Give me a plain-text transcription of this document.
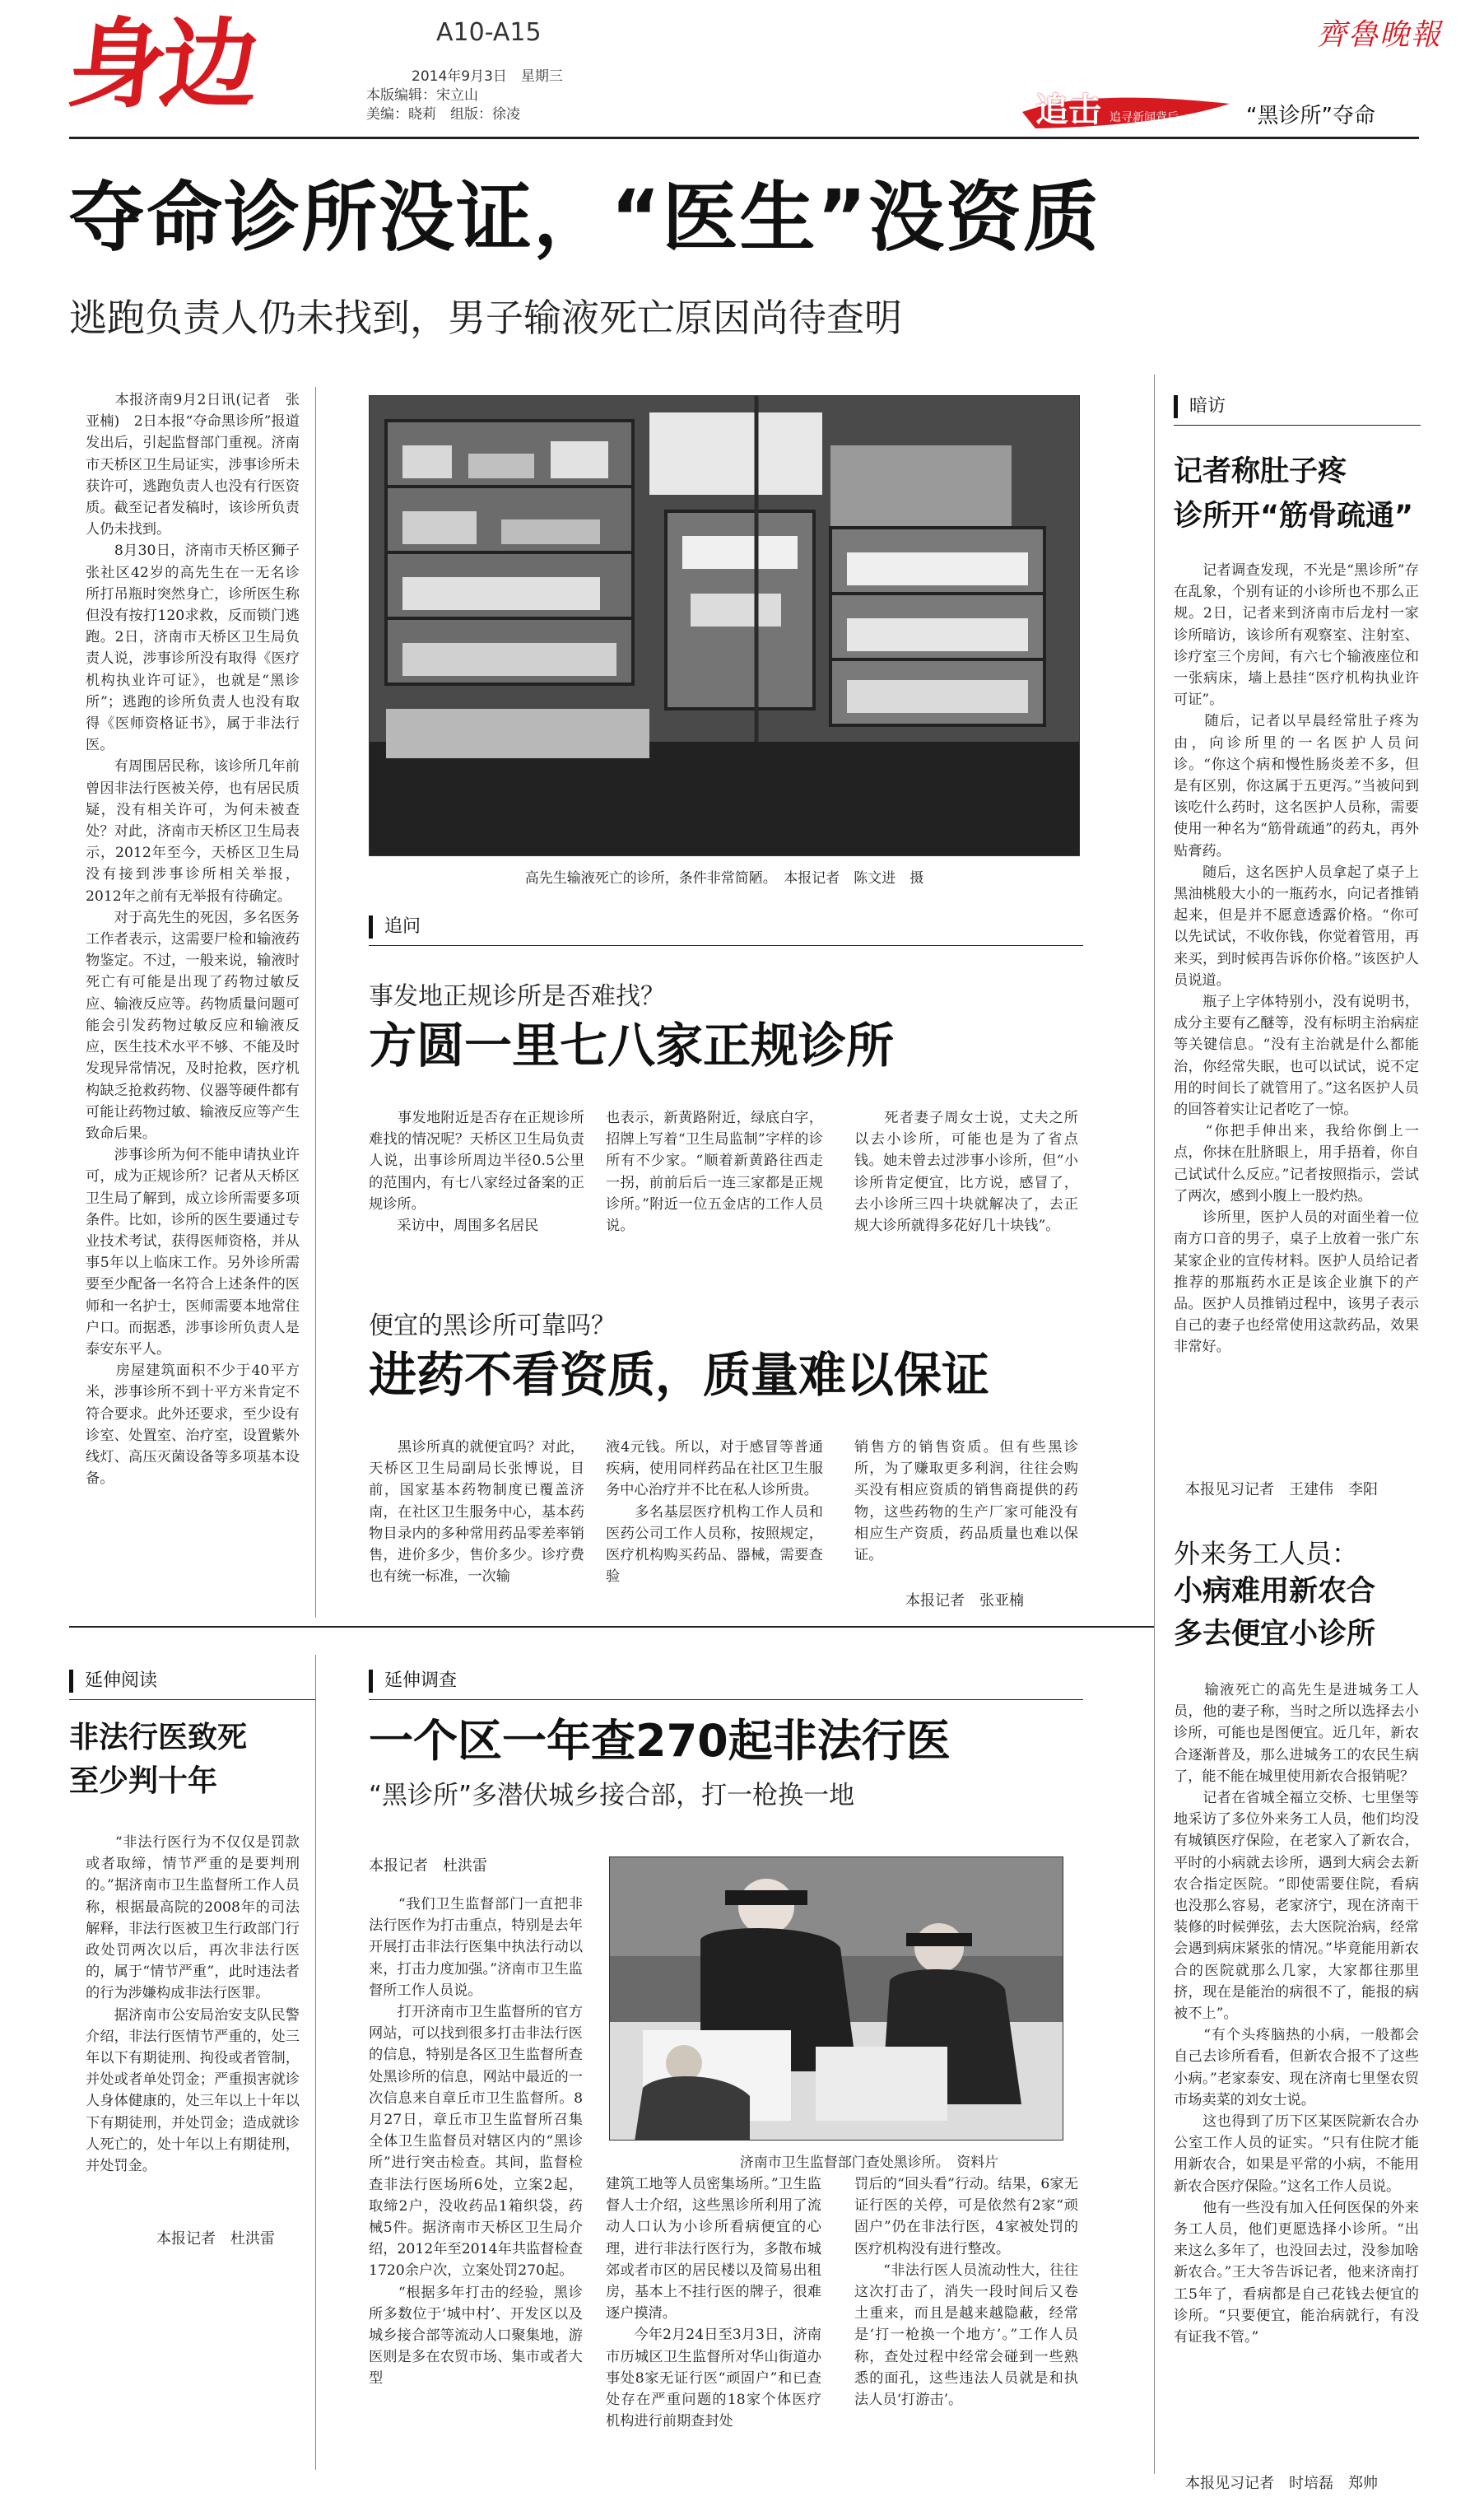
身边	A10-A15
2014年9月3日　星期三
本版编辑：宋立山
美编：晓莉　组版：徐凌
齊魯晚報
追击 追寻新闻背后	“黑诊所”夺命
夺命诊所没证，“医生”没资质
逃跑负责人仍未找到，男子输液死亡原因尚待查明
　　本报济南9月2日讯(记者　张亚楠)　2日本报“夺命黑诊所”报道发出后，引起监督部门重视。济南市天桥区卫生局证实，涉事诊所未获许可，逃跑负责人也没有行医资质。截至记者发稿时，该诊所负责人仍未找到。
　　8月30日，济南市天桥区狮子张社区42岁的高先生在一无名诊所打吊瓶时突然身亡，诊所医生称但没有按打120求救，反而锁门逃跑。2日，济南市天桥区卫生局负责人说，涉事诊所没有取得《医疗机构执业许可证》，也就是“黑诊所”；逃跑的诊所负责人也没有取得《医师资格证书》，属于非法行医。
　　有周围居民称，该诊所几年前曾因非法行医被关停，也有居民质疑，没有相关许可，为何未被查处？对此，济南市天桥区卫生局表示，2012年至今，天桥区卫生局没有接到涉事诊所相关举报，2012年之前有无举报有待确定。
　　对于高先生的死因，多名医务工作者表示，这需要尸检和输液药物鉴定。不过，一般来说，输液时死亡有可能是出现了药物过敏反应、输液反应等。药物质量问题可能会引发药物过敏反应和输液反应，医生技术水平不够、不能及时发现异常情况，及时抢救，医疗机构缺乏抢救药物、仪器等硬件都有可能让药物过敏、输液反应等产生致命后果。
　　涉事诊所为何不能申请执业许可，成为正规诊所？记者从天桥区卫生局了解到，成立诊所需要多项条件。比如，诊所的医生要通过专业技术考试，获得医师资格，并从事5年以上临床工作。另外诊所需要至少配备一名符合上述条件的医师和一名护士，医师需要本地常住户口。而据悉，涉事诊所负责人是泰安东平人。
　　房屋建筑面积不少于40平方米，涉事诊所不到十平方米肯定不符合要求。此外还要求，至少设有诊室、处置室、治疗室，设置紫外线灯、高压灭菌设备等多项基本设备。
高先生输液死亡的诊所，条件非常简陋。　本报记者　陈文进　摄
追问
事发地正规诊所是否难找？
方圆一里七八家正规诊所
　　事发地附近是否存在正规诊所难找的情况呢？天桥区卫生局负责人说，出事诊所周边半径0.5公里的范围内，有七八家经过备案的正规诊所。
　　采访中，周围多名居民
也表示，新黄路附近，绿底白字，招牌上写着“卫生局监制”字样的诊所有不少家。“顺着新黄路往西走一拐，前前后后一连三家都是正规诊所。”附近一位五金店的工作人员说。
　　死者妻子周女士说，丈夫之所以去小诊所，可能也是为了省点钱。她未曾去过涉事小诊所，但“小诊所肯定便宜，比方说，感冒了，去小诊所三四十块就解决了，去正规大诊所就得多花好几十块钱”。
便宜的黑诊所可靠吗？
进药不看资质，质量难以保证
　　黑诊所真的就便宜吗？对此，天桥区卫生局副局长张博说，目前，国家基本药物制度已覆盖济南，在社区卫生服务中心，基本药物目录内的多种常用药品零差率销售，进价多少，售价多少。诊疗费也有统一标准，一次输
液4元钱。所以，对于感冒等普通疾病，使用同样药品在社区卫生服务中心治疗并不比在私人诊所贵。
　　多名基层医疗机构工作人员和医药公司工作人员称，按照规定，医疗机构购买药品、器械，需要查验
销售方的销售资质。但有些黑诊所，为了赚取更多利润，往往会购买没有相应资质的销售商提供的药物，这些药物的生产厂家可能没有相应生产资质，药品质量也难以保证。
本报记者　张亚楠
暗访
记者称肚子疼
诊所开“筋骨疏通”
　　记者调查发现，不光是“黑诊所”存在乱象，个别有证的小诊所也不那么正规。2日，记者来到济南市后龙村一家诊所暗访，该诊所有观察室、注射室、诊疗室三个房间，有六七个输液座位和一张病床，墙上悬挂“医疗机构执业许可证”。
　　随后，记者以早晨经常肚子疼为由，向诊所里的一名医护人员问诊。“你这个病和慢性肠炎差不多，但是有区别，你这属于五更泻。”当被问到该吃什么药时，这名医护人员称，需要使用一种名为“筋骨疏通”的药丸，再外贴膏药。
　　随后，这名医护人员拿起了桌子上黑油桃般大小的一瓶药水，向记者推销起来，但是并不愿意透露价格。“你可以先试试，不收你钱，你觉着管用，再来买，到时候再告诉你价格。”该医护人员说道。
　　瓶子上字体特别小，没有说明书，成分主要有乙醚等，没有标明主治病症等关键信息。“没有主治就是什么都能治，你经常失眠，也可以试试，说不定用的时间长了就管用了。”这名医护人员的回答着实让记者吃了一惊。
　　“你把手伸出来，我给你倒上一点，你抹在肚脐眼上，用手捂着，你自己试试什么反应。”记者按照指示，尝试了两次，感到小腹上一股灼热。
　　诊所里，医护人员的对面坐着一位南方口音的男子，桌子上放着一张广东某家企业的宣传材料。医护人员给记者推荐的那瓶药水正是该企业旗下的产品。医护人员推销过程中，该男子表示自己的妻子也经常使用这款药品，效果非常好。
本报见习记者　王建伟　李阳
外来务工人员：
小病难用新农合
多去便宜小诊所
　　输液死亡的高先生是进城务工人员，他的妻子称，当时之所以选择去小诊所，可能也是图便宜。近几年，新农合逐渐普及，那么进城务工的农民生病了，能不能在城里使用新农合报销呢？
　　记者在省城全福立交桥、七里堡等地采访了多位外来务工人员，他们均没有城镇医疗保险，在老家入了新农合，平时的小病就去诊所，遇到大病会去新农合指定医院。“即使需要住院，看病也没那么容易，老家济宁，现在济南干装修的时候弹弦，去大医院治病，经常会遇到病床紧张的情况。”毕竟能用新农合的医院就那么几家，大家都往那里挤，现在是能治的病很不了，能报的病被不上”。
　　“有个头疼脑热的小病，一般都会自己去诊所看看，但新农合报不了这些小病。”老家泰安、现在济南七里堡农贸市场卖菜的刘女士说。
　　这也得到了历下区某医院新农合办公室工作人员的证实。“只有住院才能用新农合，如果是平常的小病，不能用新农合医疗保险。”这名工作人员说。
　　他有一些没有加入任何医保的外来务工人员，他们更愿选择小诊所。“出来这么多年了，也没回去过，没参加啥新农合。”王大爷告诉记者，他来济南打工5年了，看病都是自己花钱去便宜的诊所。“只要便宜，能治病就行，有没有证我不管。”
本报见习记者　时培磊　郑帅
延伸阅读
非法行医致死
至少判十年
　　“非法行医行为不仅仅是罚款或者取缔，情节严重的是要判刑的。”据济南市卫生监督所工作人员称，根据最高院的2008年的司法解释，非法行医被卫生行政部门行政处罚两次以后，再次非法行医的，属于“情节严重”，此时违法者的行为涉嫌构成非法行医罪。
　　据济南市公安局治安支队民警介绍，非法行医情节严重的，处三年以下有期徒刑、拘役或者管制，并处或者单处罚金；严重损害就诊人身体健康的，处三年以上十年以下有期徒刑，并处罚金；造成就诊人死亡的，处十年以上有期徒刑，并处罚金。
本报记者　杜洪雷
延伸调查
一个区一年查270起非法行医
“黑诊所”多潜伏城乡接合部，打一枪换一地
本报记者　杜洪雷
　　“我们卫生监督部门一直把非法行医作为打击重点，特别是去年开展打击非法行医集中执法行动以来，打击力度加强。”济南市卫生监督所工作人员说。
　　打开济南市卫生监督所的官方网站，可以找到很多打击非法行医的信息，特别是各区卫生监督所查处黑诊所的信息，网站中最近的一次信息来自章丘市卫生监督所。8月27日，章丘市卫生监督所召集全体卫生监督员对辖区内的“黑诊所”进行突击检查。其间，监督检查非法行医场所6处，立案2起，取缔2户，没收药品1箱织袋，药械5件。据济南市天桥区卫生局介绍，2012年至2014年共监督检查1720余户次，立案处罚270起。
　　“根据多年打击的经验，黑诊所多数位于‘城中村’、开发区以及城乡接合部等流动人口聚集地，游医则是多在农贸市场、集市或者大型
济南市卫生监督部门查处黑诊所。　资料片
建筑工地等人员密集场所。”卫生监督人士介绍，这些黑诊所利用了流动人口认为小诊所看病便宜的心理，进行非法行医行为，多散布城郊或者市区的居民楼以及简易出租房，基本上不挂行医的牌子，很难逐户摸清。
　　今年2月24日至3月3日，济南市历城区卫生监督所对华山街道办事处8家无证行医“顽固户”和已查处存在严重问题的18家个体医疗机构进行前期查封处
罚后的“回头看”行动。结果，6家无证行医的关停，可是依然有2家“顽固户”仍在非法行医，4家被处罚的医疗机构没有进行整改。
　　“非法行医人员流动性大，往往这次打击了，消失一段时间后又卷土重来，而且是越来越隐蔽，经常是‘打一枪换一个地方’。”工作人员称，查处过程中经常会碰到一些熟悉的面孔，这些违法人员就是和执法人员‘打游击’。
